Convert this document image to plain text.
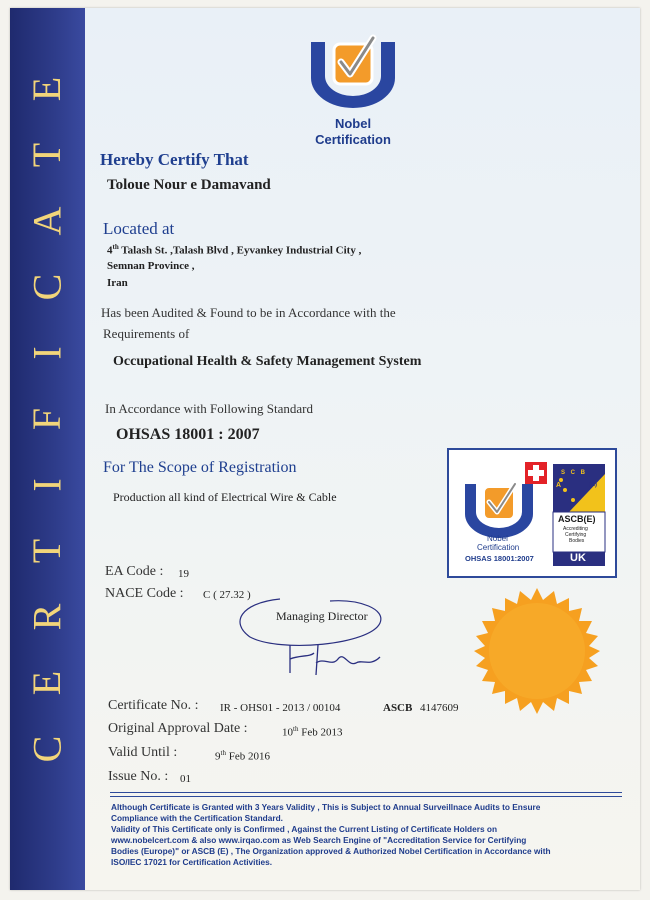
E
T
A
C
I
F
I
T
R
E
C
Nobel
Certification
Hereby Certify That
Toloue Nour e Damavand
Located at
4th Talash St. ,Talash Blvd , Eyvankey Industrial City ,
Semnan Province ,
Iran
Has been Audited & Found to be in Accordance with the
Requirements of
Occupational Health & Safety Management System
In Accordance with Following Standard
OHSAS 18001 : 2007
For The Scope of Registration
Production all kind of Electrical Wire & Cable
Nobel
Certification
OHSAS 18001:2007
S C B
A	(E)
ASCB(E)
Accrediting
Certifying
Bodies
UK
EA Code : 19
NACE Code : C ( 27.32 )
Managing Director
Certificate No. : IR - OHS01 - 2013 / 00104	ASCB 4147609
Original Approval Date :	10th Feb 2013
Valid Until :	9th Feb 2016
Issue No. : 01

Although Certificate is Granted with 3 Years Validity , This is Subject to Annual Surveillnace Audits to Ensure

Compliance with the Certification Standard.

Validity of This Certificate only is Confirmed , Against the Current Listing of Certificate Holders on

www.nobelcert.com & also www.irqao.com as Web Search Engine of "Accreditation Service for Certifying

Bodies (Europe)" or ASCB (E) , The Organization approved & Authorized Nobel Certification in Accordance with

ISO/IEC 17021 for Certification Activities.
